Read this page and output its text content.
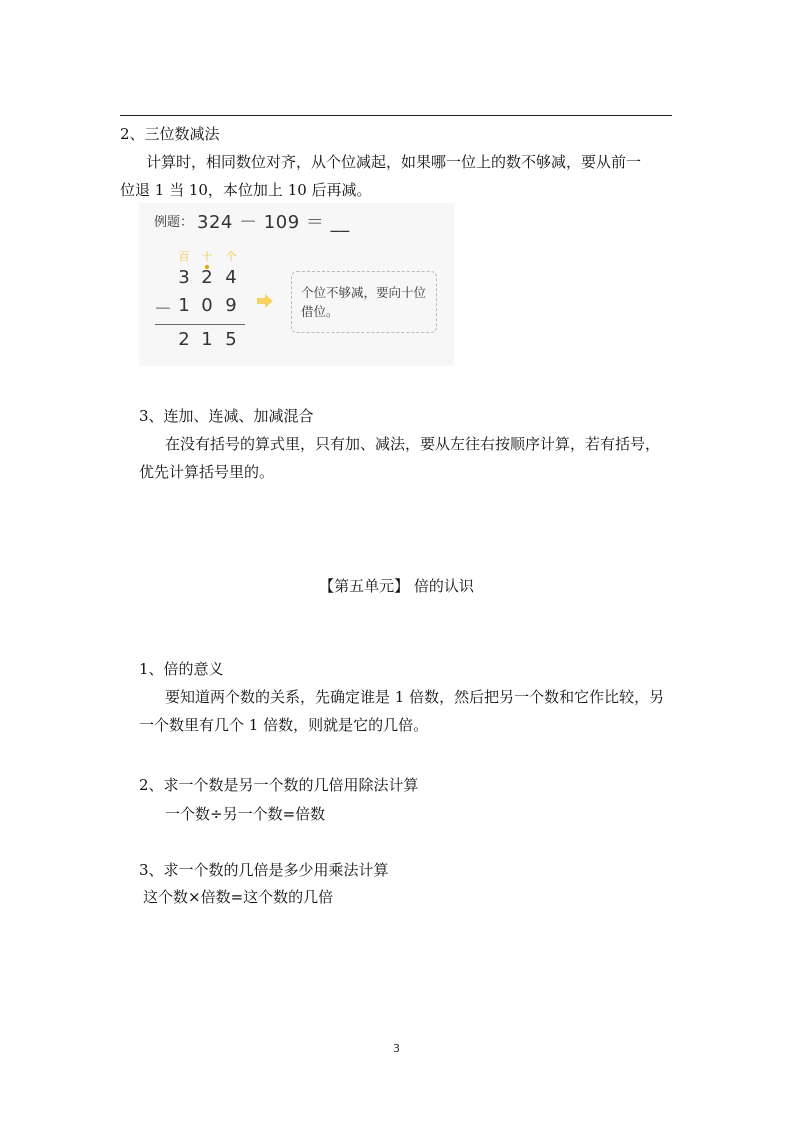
2、三位数减法
计算时，相同数位对齐，从个位减起，如果哪一位上的数不够减，要从前一
位退 1 当 10，本位加上 10 后再减。
例题： 324 － 109 ＝ __
百	十	个
3 2 4
－ 1 0 9
2 1 5
个位不够减，要向十位借位。
3、连加、连减、加减混合
在没有括号的算式里，只有加、减法，要从左往右按顺序计算，若有括号，
优先计算括号里的。
【第五单元】 倍的认识
1、倍的意义
要知道两个数的关系，先确定谁是 1 倍数，然后把另一个数和它作比较，另
一个数里有几个 1 倍数，则就是它的几倍。
2、求一个数是另一个数的几倍用除法计算
一个数÷另一个数=倍数
3、求一个数的几倍是多少用乘法计算
这个数×倍数=这个数的几倍
3
